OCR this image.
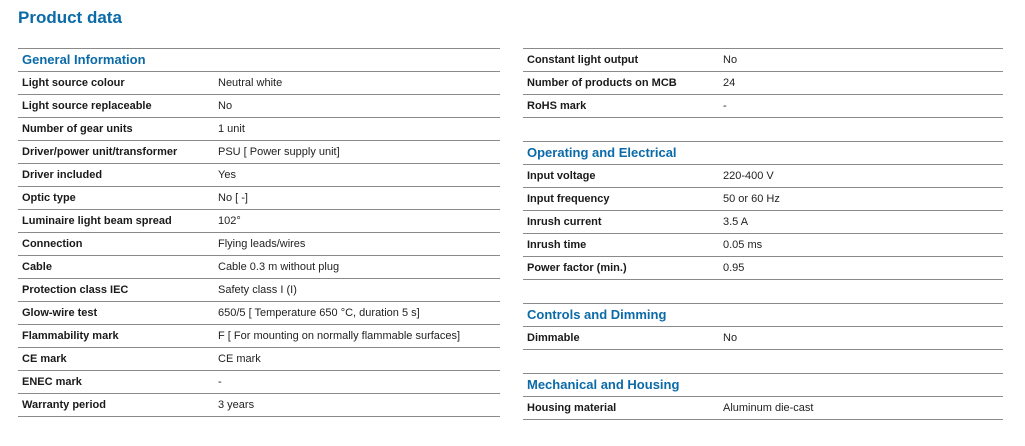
Product data
General Information
Light source colour	Neutral white
Light source replaceable	No
Number of gear units	1 unit
Driver/power unit/transformer	PSU [ Power supply unit]
Driver included	Yes
Optic type	No [ -]
Luminaire light beam spread	102°
Connection	Flying leads/wires
Cable	Cable 0.3 m without plug
Protection class IEC	Safety class I (I)
Glow-wire test	650/5 [ Temperature 650 °C, duration 5 s]
Flammability mark	F [ For mounting on normally flammable surfaces]
CE mark	CE mark
ENEC mark	-
Warranty period	3 years
Constant light output	No
Number of products on MCB	24
RoHS mark	-
Operating and Electrical
Input voltage	220-400 V
Input frequency	50 or 60 Hz
Inrush current	3.5 A
Inrush time	0.05 ms
Power factor (min.)	0.95
Controls and Dimming
Dimmable	No
Mechanical and Housing
Housing material	Aluminum die-cast
